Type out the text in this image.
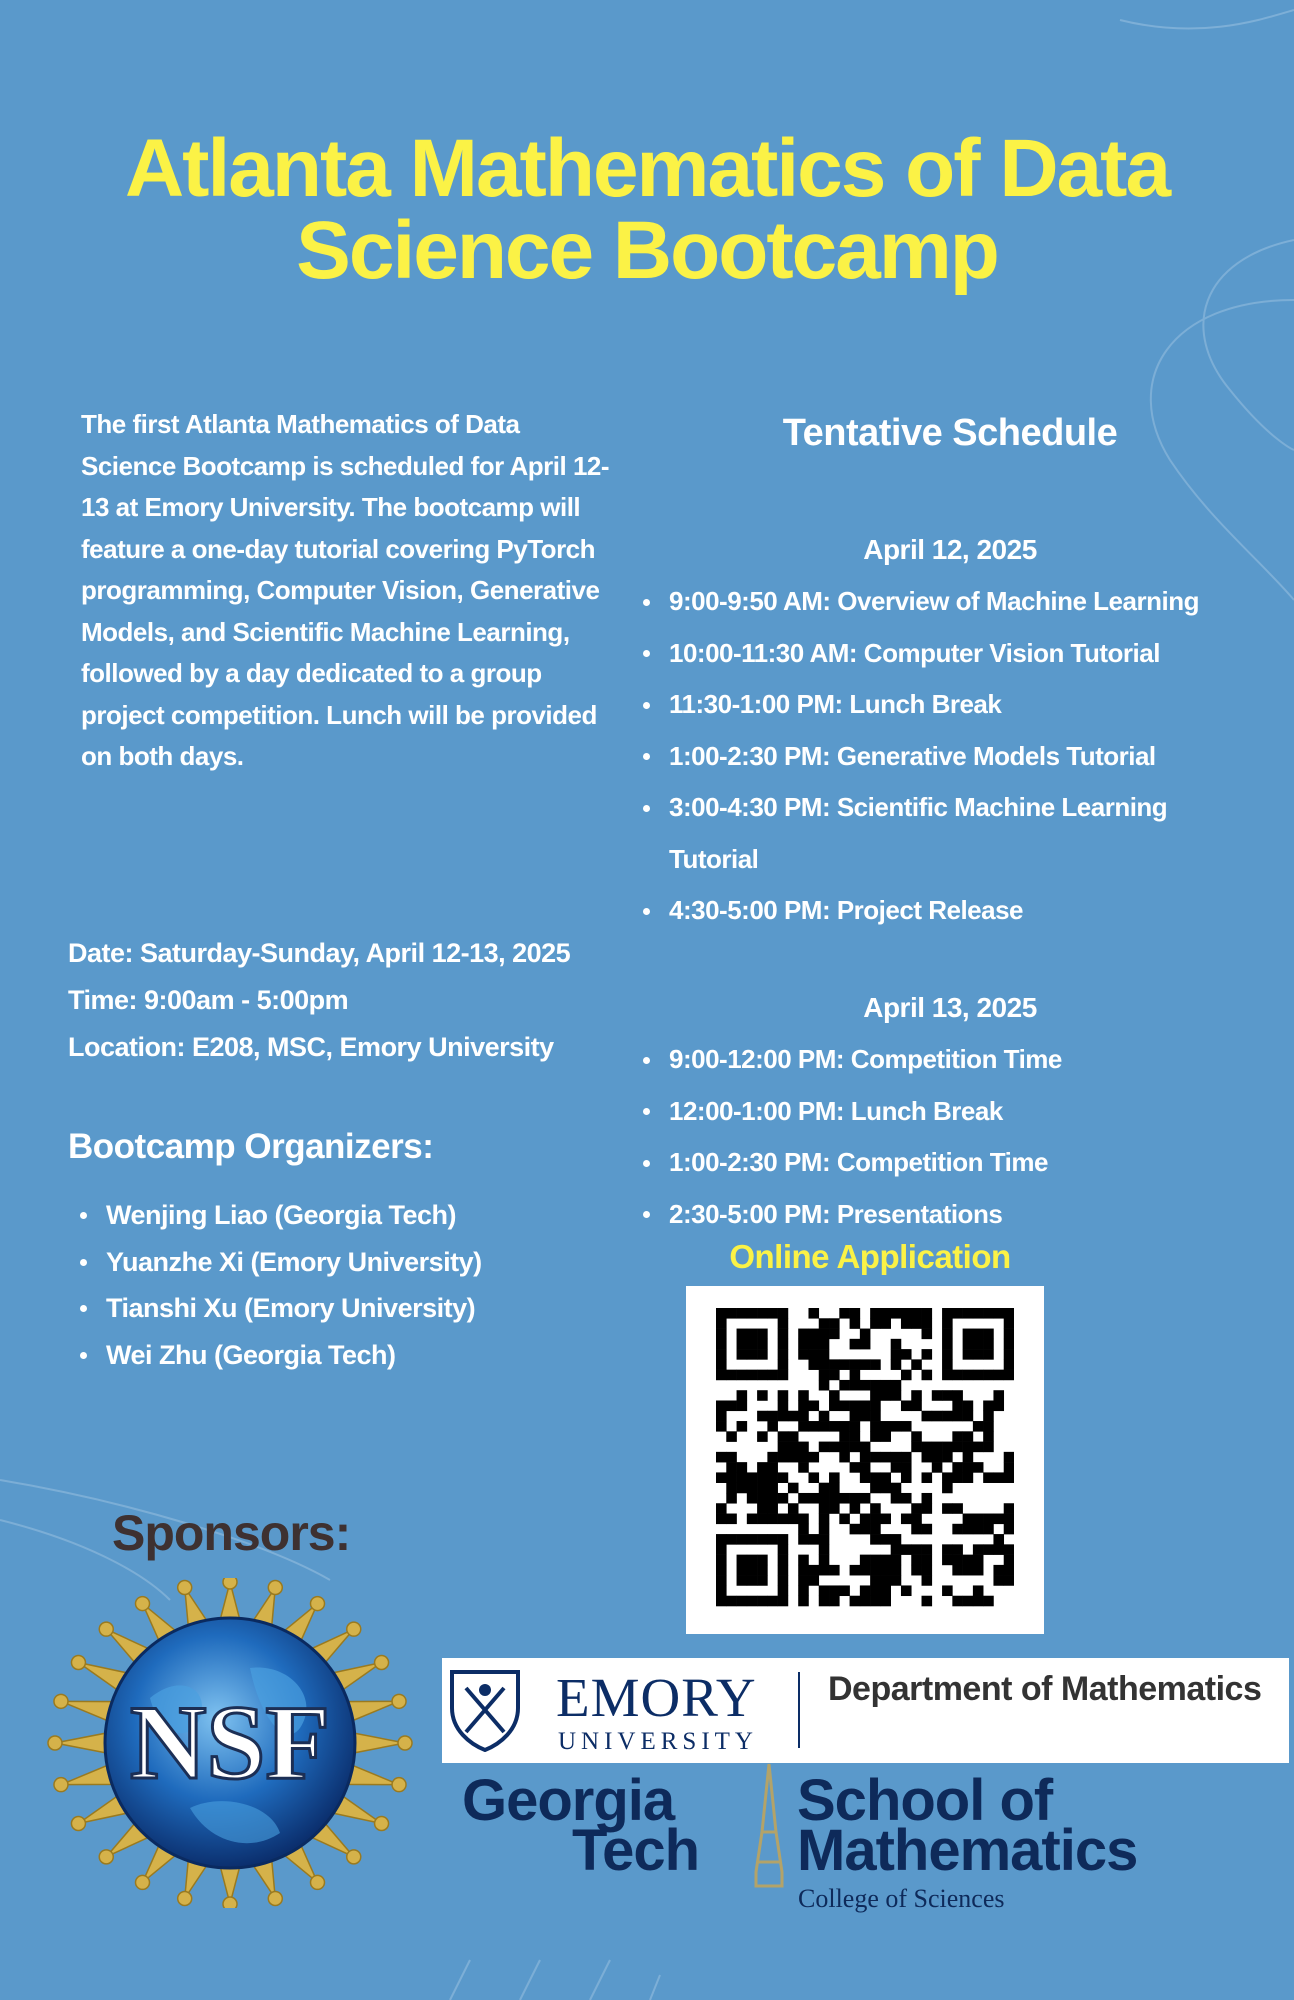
Atlanta Mathematics of Data
Science Bootcamp
The first Atlanta Mathematics of Data Science Bootcamp is scheduled for April 12-13 at Emory University. The bootcamp will feature a one-day tutorial covering PyTorch programming, Computer Vision, Generative Models, and Scientific Machine Learning, followed by a day dedicated to a group project competition. Lunch will be provided on both days.
Date: Saturday-Sunday, April 12-13, 2025
Time: 9:00am - 5:00pm
Location: E208, MSC, Emory University
Bootcamp Organizers:
Wenjing Liao (Georgia Tech)
Yuanzhe Xi (Emory University)
Tianshi Xu (Emory University)
Wei Zhu (Georgia Tech)
Tentative Schedule
April 12, 2025
9:00-9:50 AM: Overview of Machine Learning
10:00-11:30 AM: Computer Vision Tutorial
11:30-1:00 PM: Lunch Break
1:00-2:30 PM: Generative Models Tutorial
3:00-4:30 PM: Scientific Machine Learning
Tutorial
4:30-5:00 PM: Project Release
April 13, 2025
9:00-12:00 PM: Competition Time
12:00-1:00 PM: Lunch Break
1:00-2:30 PM: Competition Time
2:30-5:00 PM: Presentations
Online Application
Sponsors:
NSF	EMORY
UNIVERSITY
Department of Mathematics
Georgia
Tech
School of
Mathematics
College of Sciences
